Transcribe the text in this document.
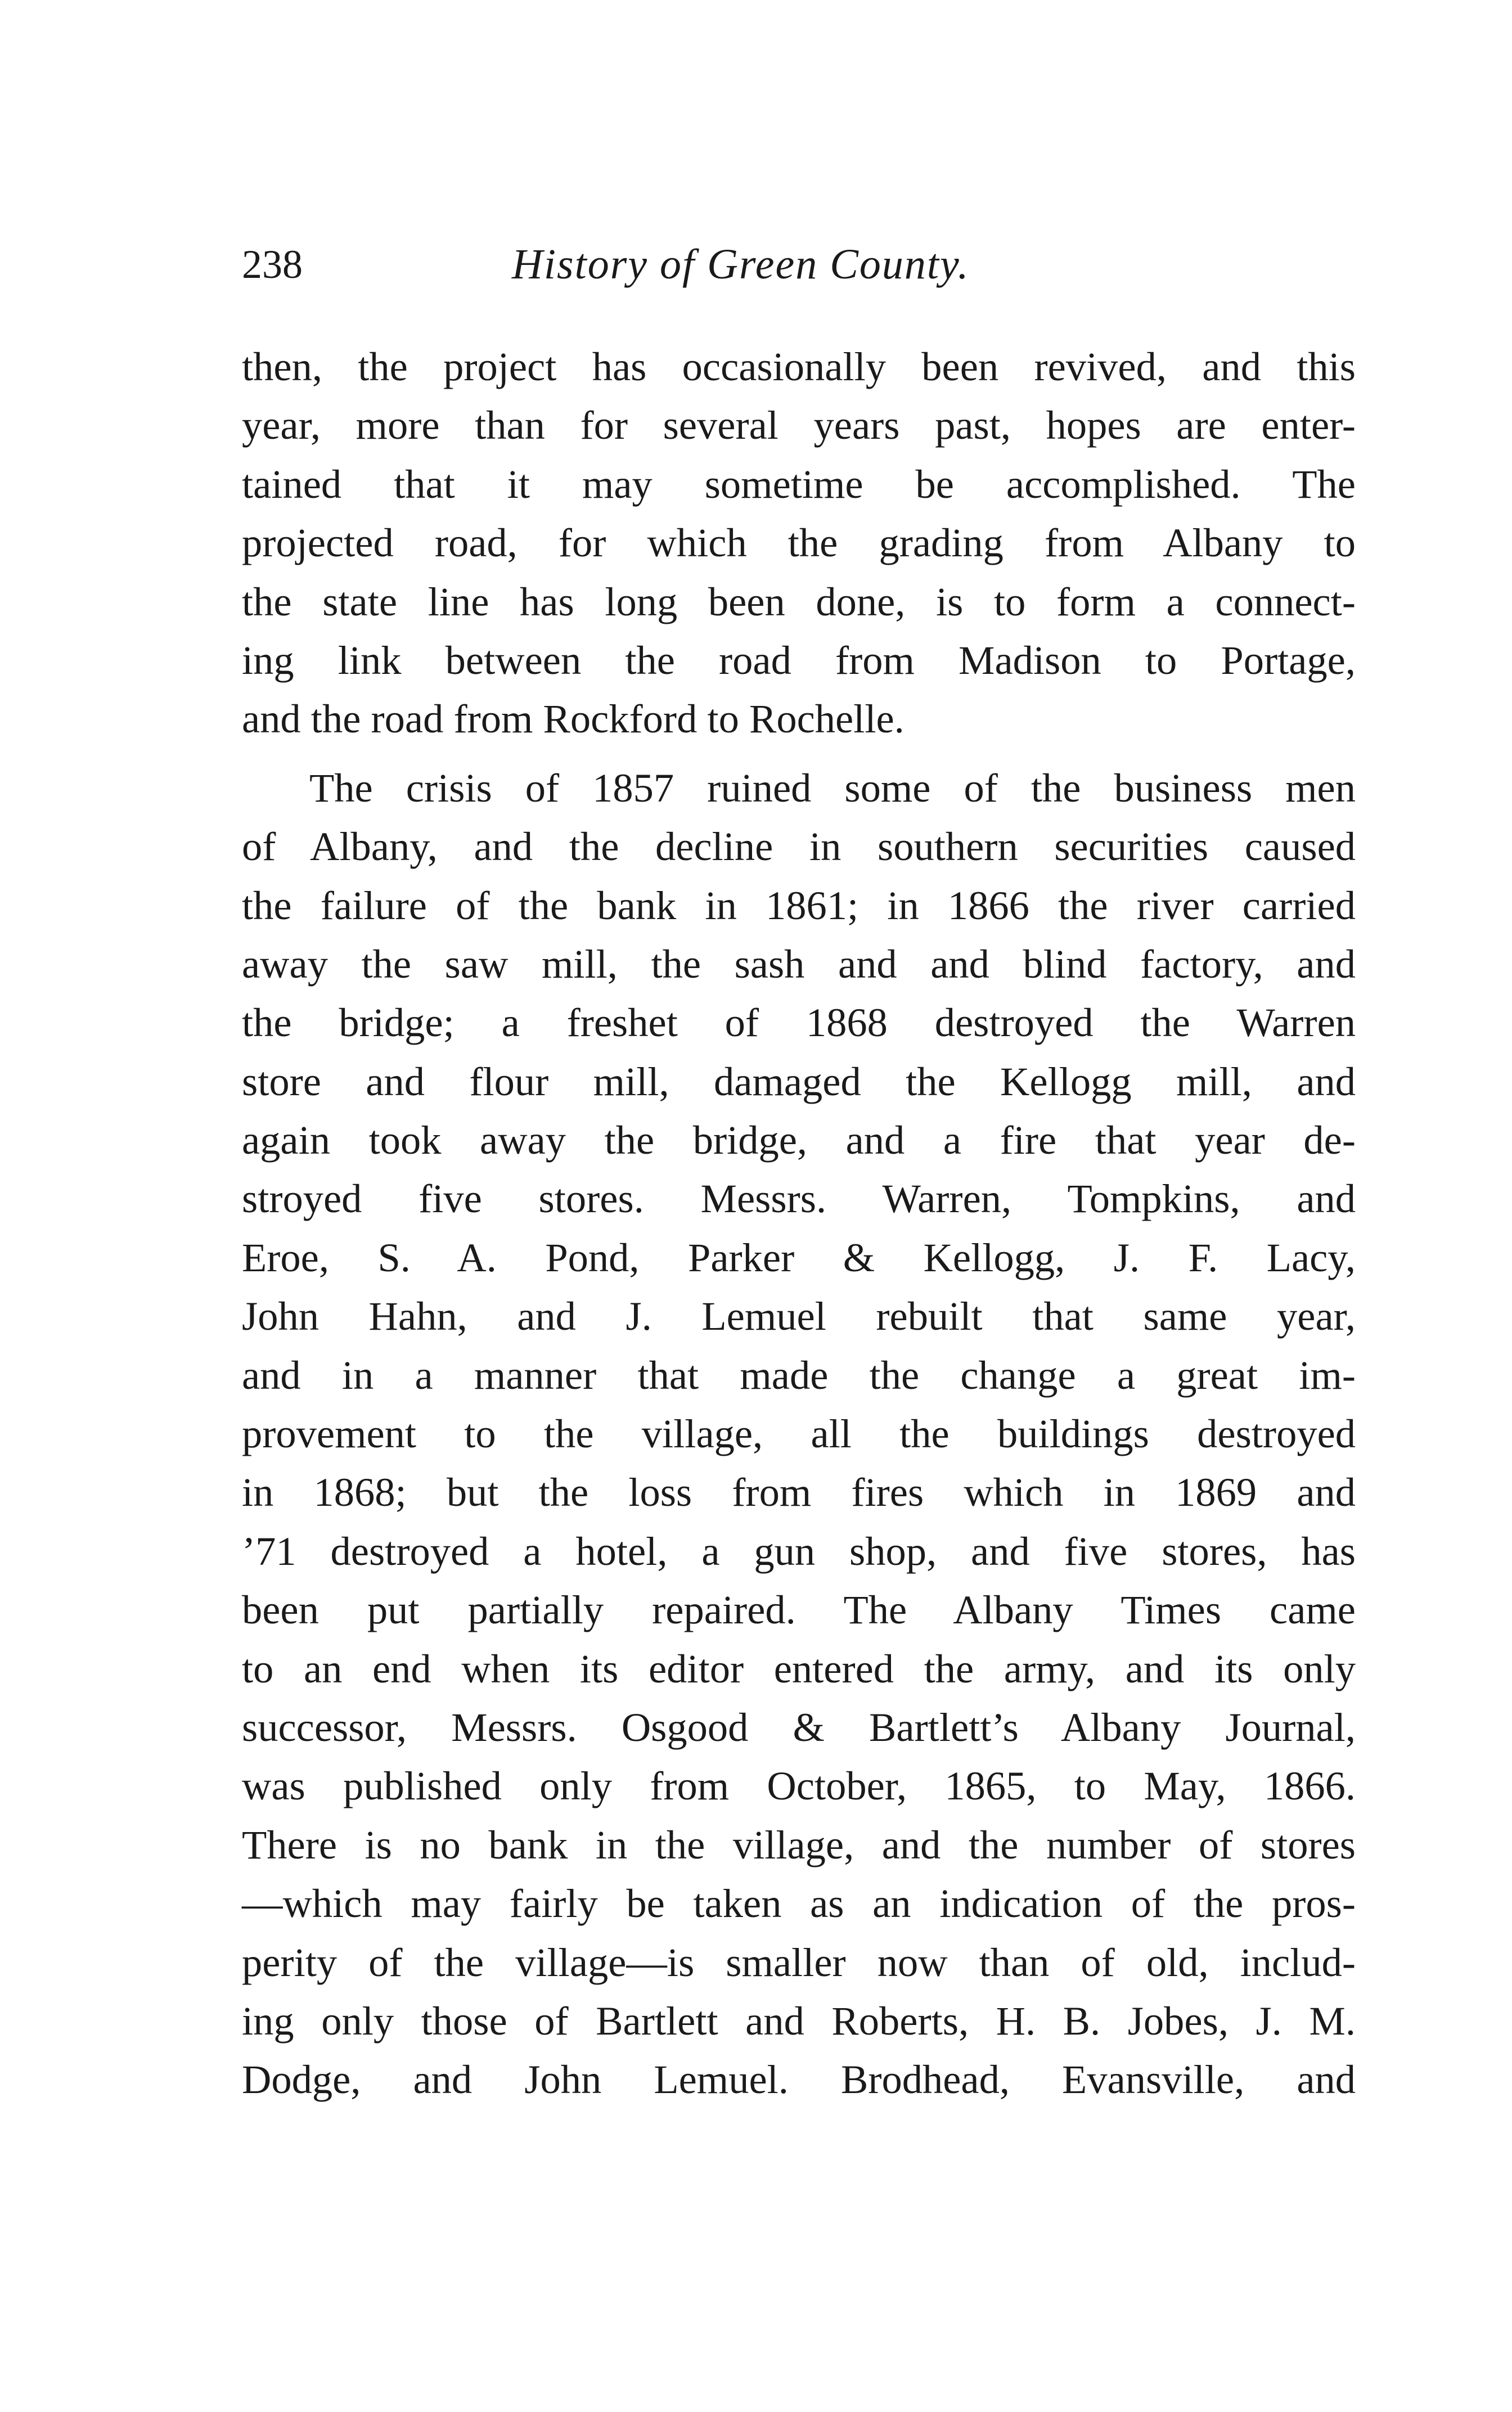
238	History of Green County.
then, the project has occasionally been revived, and this
year, more than for several years past, hopes are enter-
tained that it may sometime be accomplished. The
projected road, for which the grading from Albany to
the state line has long been done, is to form a connect-
ing link between the road from Madison to Portage,
and the road from Rockford to Rochelle.
The crisis of 1857 ruined some of the business men
of Albany, and the decline in southern securities caused
the failure of the bank in 1861; in 1866 the river carried
away the saw mill, the sash and and blind factory, and
the bridge; a freshet of 1868 destroyed the Warren
store and flour mill, damaged the Kellogg mill, and
again took away the bridge, and a fire that year de-
stroyed five stores. Messrs. Warren, Tompkins, and
Eroe, S. A. Pond, Parker & Kellogg, J. F. Lacy,
John Hahn, and J. Lemuel rebuilt that same year,
and in a manner that made the change a great im-
provement to the village, all the buildings destroyed
in 1868; but the loss from fires which in 1869 and
’71 destroyed a hotel, a gun shop, and five stores, has
been put partially repaired. The Albany Times came
to an end when its editor entered the army, and its only
successor, Messrs. Osgood & Bartlett’s Albany Journal,
was published only from October, 1865, to May, 1866.
There is no bank in the village, and the number of stores
—which may fairly be taken as an indication of the pros-
perity of the village—is smaller now than of old, includ-
ing only those of Bartlett and Roberts, H. B. Jobes, J. M.
Dodge, and John Lemuel. Brodhead, Evansville, and
